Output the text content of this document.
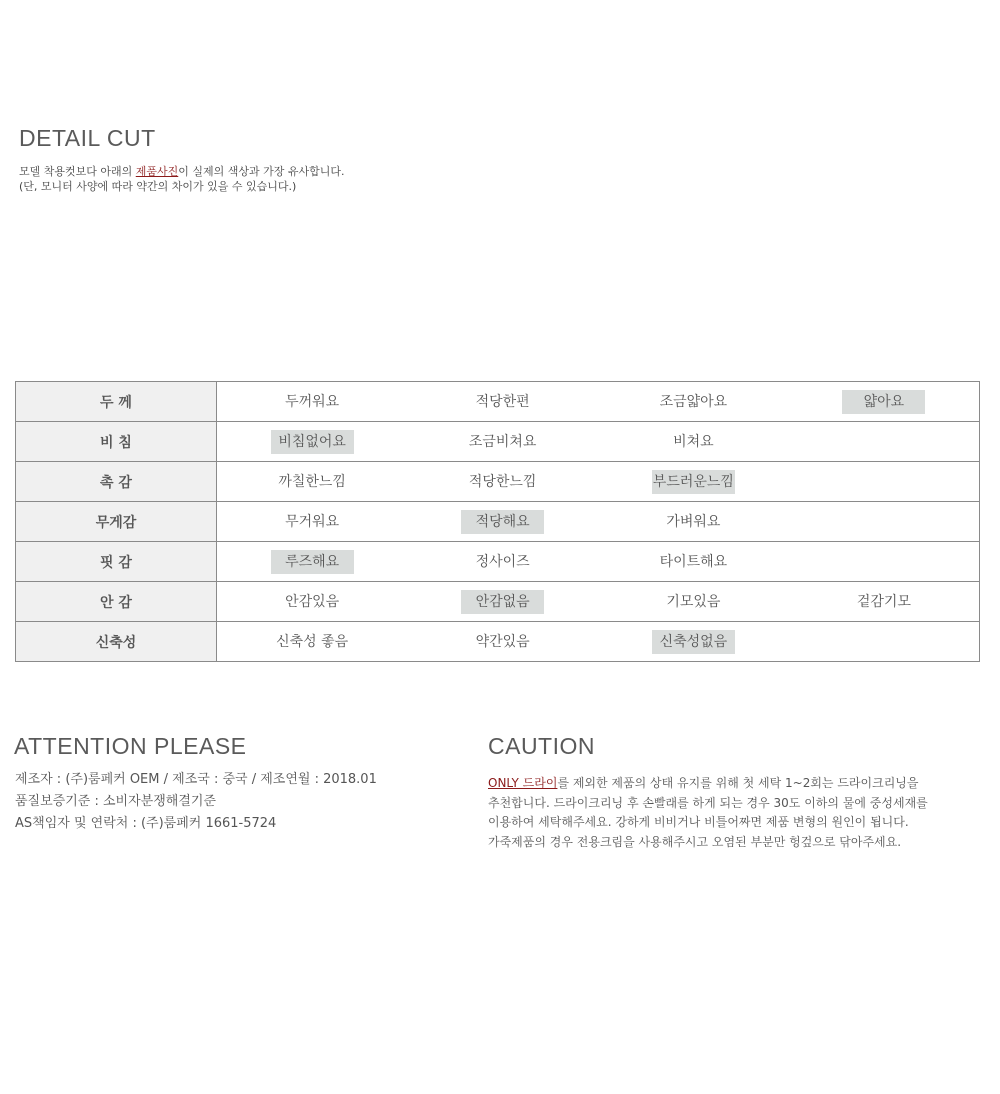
DETAIL CUT

모델 착용컷보다 아래의 제품사진이 실제의 색상과 가장 유사합니다.
(단, 모니터 사양에 따라 약간의 차이가 있을 수 있습니다.)

두 께	두꺼워요	적당한편	조금얇아요	얇아요
비 침	비침없어요	조금비쳐요	비쳐요	
촉 감	까칠한느낌	적당한느낌	부드러운느낌	
무게감	무거워요	적당해요	가벼워요	
핏 감	루즈해요	정사이즈	타이트해요	
안 감	안감있음	안감없음	기모있음	겉감기모
신축성	신축성 좋음	약간있음	신축성없음	
ATTENTION PLEASE
제조자 : (주)룸페커 OEM / 제조국 : 중국 / 제조연월 : 2018.01
품질보증기준 : 소비자분쟁해결기준
AS책임자 및 연락처 : (주)룸페커 1661-5724
CAUTION
ONLY 드라이를 제외한 제품의 상태 유지를 위해 첫 세탁 1~2회는 드라이크리닝을
추천합니다. 드라이크리닝 후 손빨래를 하게 되는 경우 30도 이하의 물에 중성세재를
이용하여 세탁해주세요. 강하게 비비거나 비틀어짜면 제품 변형의 원인이 됩니다.
가죽제품의 경우 전용크림을 사용해주시고 오염된 부분만 헝겊으로 닦아주세요.
